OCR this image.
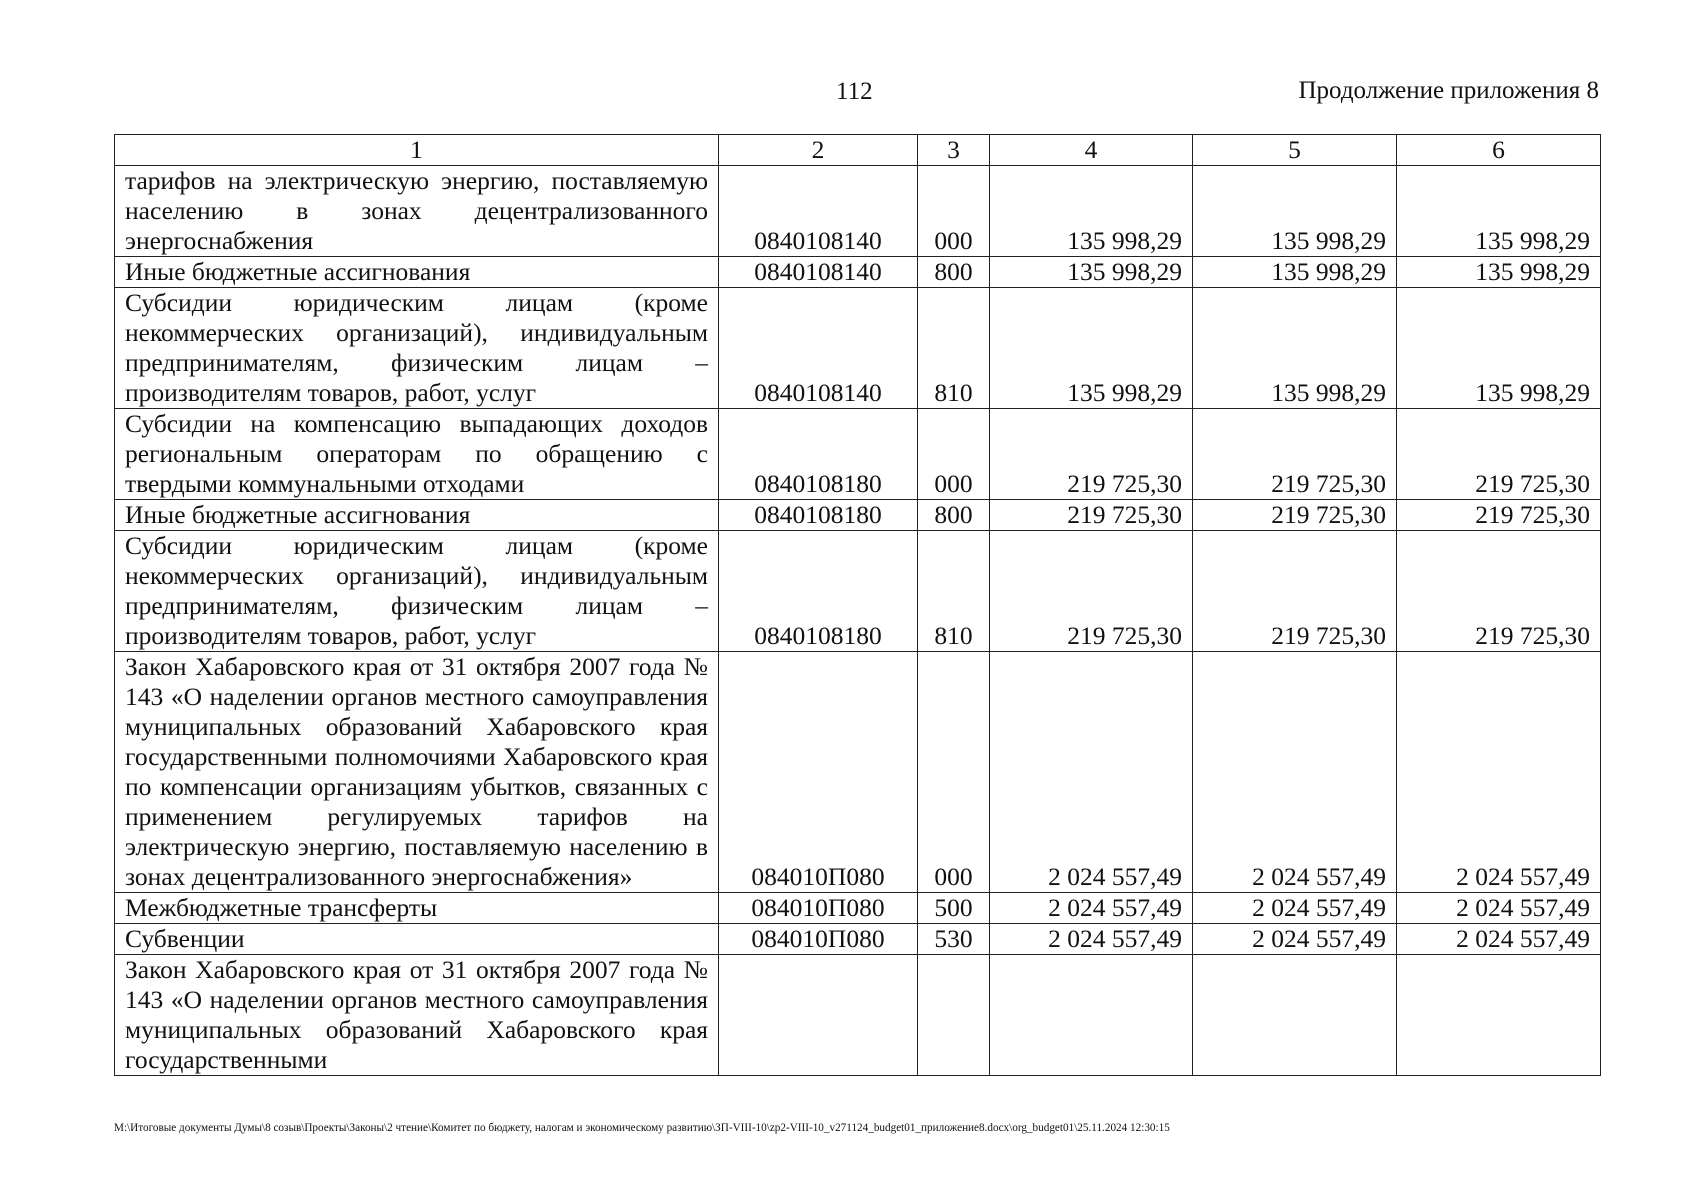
112	Продолжение приложения 8
1	2	3	4	5	6
тарифов на электрическую энергию, поставляемую населению в зонах децентрализованного энергоснабжения	0840108140	000	135 998,29	135 998,29	135 998,29
Иные бюджетные ассигнования	0840108140	800	135 998,29	135 998,29	135 998,29
Субсидии юридическим лицам (кроме некоммерческих организаций), индивидуальным предпринимателям, физическим лицам – производителям товаров, работ, услуг	0840108140	810	135 998,29	135 998,29	135 998,29
Субсидии на компенсацию выпадающих доходов региональным операторам по обращению с твердыми коммунальными отходами	0840108180	000	219 725,30	219 725,30	219 725,30
Иные бюджетные ассигнования	0840108180	800	219 725,30	219 725,30	219 725,30
Субсидии юридическим лицам (кроме некоммерческих организаций), индивидуальным предпринимателям, физическим лицам – производителям товаров, работ, услуг	0840108180	810	219 725,30	219 725,30	219 725,30
Закон Хабаровского края от 31 октября 2007 года № 143 «О наделении органов местного самоуправления муниципальных образований Хабаровского края государственными полномочиями Хабаровского края по компенсации организациям убытков, связанных с применением регулируемых тарифов на электрическую энергию, поставляемую населению в зонах децентрализованного энергоснабжения»	084010П080	000	2 024 557,49	2 024 557,49	2 024 557,49
Межбюджетные трансферты	084010П080	500	2 024 557,49	2 024 557,49	2 024 557,49
Субвенции	084010П080	530	2 024 557,49	2 024 557,49	2 024 557,49
Закон Хабаровского края от 31 октября 2007 года № 143 «О наделении органов местного самоуправления муниципальных образований Хабаровского края государственными					
М:\Итоговые документы Думы\8 созыв\Проекты\Законы\2 чтение\Комитет по бюджету, налогам и экономическому развитию\ЗП-VIII-10\zp2-VIII-10_v271124_budget01_приложение8.docx\org_budget01\25.11.2024 12:30:15
